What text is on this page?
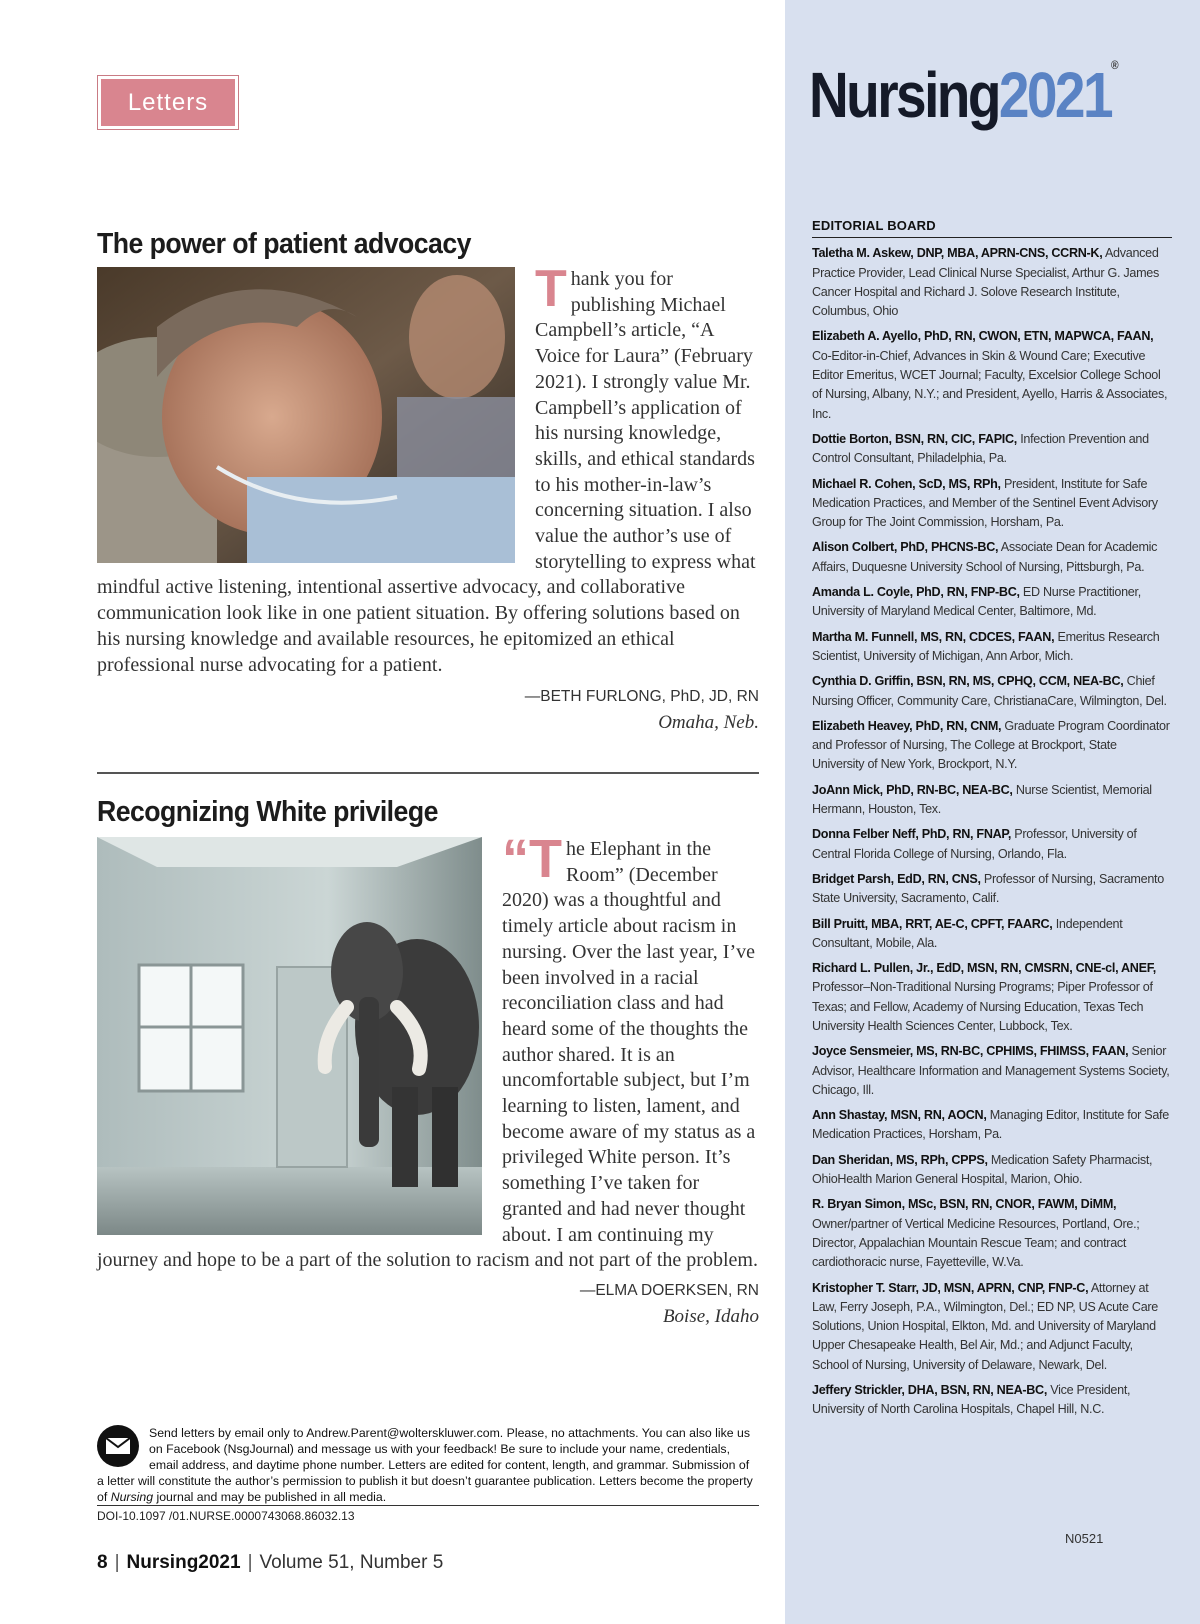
Letters
The power of patient advocacy
T hank you for publishing Michael Campbell’s article, “A Voice for Laura” (February 2021). I strongly value Mr. Campbell’s application of his nursing knowledge, skills, and ethical standards to his mother-in-law’s concerning situation. I also value the author’s use of storytelling to express what mindful active listening, intentional assertive advocacy, and collaborative communication look like in one patient situation. By offering solutions based on his nursing knowledge and available resources, he epitomized an ethical professional nurse advocating for a patient.

—BETH FURLONG, PhD, JD, RN
Omaha, Neb.
Recognizing White privilege
“T he Elephant in the Room” (December 2020) was a thoughtful and timely article about racism in nursing. Over the last year, I’ve been involved in a racial reconciliation class and had heard some of the thoughts the author shared. It is an uncomfortable subject, but I’m learning to listen, lament, and become aware of my status as a privileged White person. It’s something I’ve taken for granted and had never thought about. I am continuing my journey and hope to be a part of the solution to racism and not part of the problem.

—ELMA DOERKSEN, RN
Boise, Idaho
Send letters by email only to Andrew.Parent@wolterskluwer.com. Please, no attachments. You can also like us on Facebook (NsgJournal) and message us with your feedback! Be sure to include your name, credentials, email address, and daytime phone number. Letters are edited for content, length, and grammar. Submission of a letter will constitute the author’s permission to publish it but doesn’t guarantee publication. Letters become the property of Nursing journal and may be published in all media.
DOI-10.1097 /01.NURSE.0000743068.86032.13
8 | Nursing2021 | Volume 51, Number 5
Nursing2021®
EDITORIAL BOARD
Taletha M. Askew, DNP, MBA, APRN-CNS, CCRN-K, Advanced Practice Provider, Lead Clinical Nurse Specialist, Arthur G. James Cancer Hospital and Richard J. Solove Research Institute, Columbus, Ohio
Elizabeth A. Ayello, PhD, RN, CWON, ETN, MAPWCA, FAAN, Co-Editor-in-Chief, Advances in Skin & Wound Care; Executive Editor Emeritus, WCET Journal; Faculty, Excelsior College School of Nursing, Albany, N.Y.; and President, Ayello, Harris & Associates, Inc.
Dottie Borton, BSN, RN, CIC, FAPIC, Infection Prevention and Control Consultant, Philadelphia, Pa.
Michael R. Cohen, ScD, MS, RPh, President, Institute for Safe Medication Practices, and Member of the Sentinel Event Advisory Group for The Joint Commission, Horsham, Pa.
Alison Colbert, PhD, PHCNS-BC, Associate Dean for Academic Affairs, Duquesne University School of Nursing, Pittsburgh, Pa.
Amanda L. Coyle, PhD, RN, FNP-BC, ED Nurse Practitioner, University of Maryland Medical Center, Baltimore, Md.
Martha M. Funnell, MS, RN, CDCES, FAAN, Emeritus Research Scientist, University of Michigan, Ann Arbor, Mich.
Cynthia D. Griffin, BSN, RN, MS, CPHQ, CCM, NEA-BC, Chief Nursing Officer, Community Care, ChristianaCare, Wilmington, Del.
Elizabeth Heavey, PhD, RN, CNM, Graduate Program Coordinator and Professor of Nursing, The College at Brockport, State University of New York, Brockport, N.Y.
JoAnn Mick, PhD, RN-BC, NEA-BC, Nurse Scientist, Memorial Hermann, Houston, Tex.
Donna Felber Neff, PhD, RN, FNAP, Professor, University of Central Florida College of Nursing, Orlando, Fla.
Bridget Parsh, EdD, RN, CNS, Professor of Nursing, Sacramento State University, Sacramento, Calif.
Bill Pruitt, MBA, RRT, AE-C, CPFT, FAARC, Independent Consultant, Mobile, Ala.
Richard L. Pullen, Jr., EdD, MSN, RN, CMSRN, CNE-cl, ANEF, Professor–Non-Traditional Nursing Programs; Piper Professor of Texas; and Fellow, Academy of Nursing Education, Texas Tech University Health Sciences Center, Lubbock, Tex.
Joyce Sensmeier, MS, RN-BC, CPHIMS, FHIMSS, FAAN, Senior Advisor, Healthcare Information and Management Systems Society, Chicago, Ill.
Ann Shastay, MSN, RN, AOCN, Managing Editor, Institute for Safe Medication Practices, Horsham, Pa.
Dan Sheridan, MS, RPh, CPPS, Medication Safety Pharmacist, OhioHealth Marion General Hospital, Marion, Ohio.
R. Bryan Simon, MSc, BSN, RN, CNOR, FAWM, DiMM, Owner/partner of Vertical Medicine Resources, Portland, Ore.; Director, Appalachian Mountain Rescue Team; and contract cardiothoracic nurse, Fayetteville, W.Va.
Kristopher T. Starr, JD, MSN, APRN, CNP, FNP-C, Attorney at Law, Ferry Joseph, P.A., Wilmington, Del.; ED NP, US Acute Care Solutions, Union Hospital, Elkton, Md. and University of Maryland Upper Chesapeake Health, Bel Air, Md.; and Adjunct Faculty, School of Nursing, University of Delaware, Newark, Del.
Jeffery Strickler, DHA, BSN, RN, NEA-BC, Vice President, University of North Carolina Hospitals, Chapel Hill, N.C.
N0521
